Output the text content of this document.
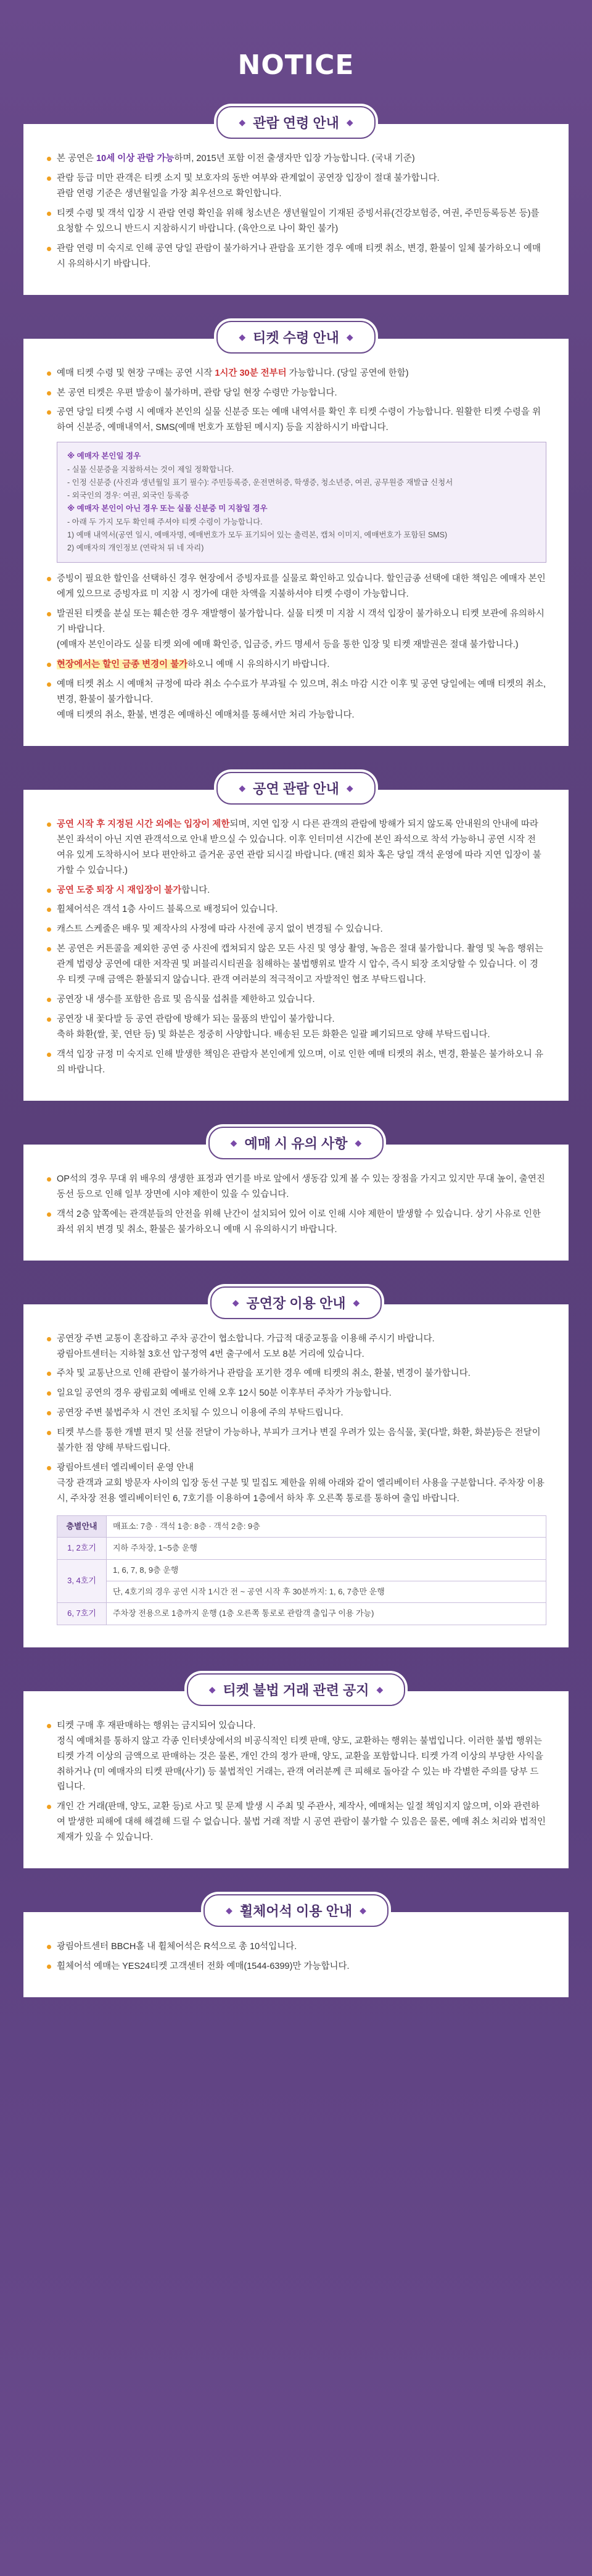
NOTICE
◆ 관람 연령 안내 ◆
본 공연은 10세 이상 관람 가능하며, 2015년 포함 이전 출생자만 입장 가능합니다. (국내 기준)
관람 등급 미만 관객은 티켓 소지 및 보호자의 동반 여부와 관계없이 공연장 입장이 절대 불가합니다.
관람 연령 기준은 생년월일을 가장 최우선으로 확인합니다.
티켓 수령 및 객석 입장 시 관람 연령 확인을 위해 청소년은 생년월일이 기재된 증빙서류(건강보험증, 여권, 주민등록등본 등)를 요청할 수 있으니 반드시 지참하시기 바랍니다. (육안으로 나이 확인 불가)
관람 연령 미 숙지로 인해 공연 당일 관람이 불가하거나 관람을 포기한 경우 예매 티켓 취소, 변경, 환불이 일체 불가하오니 예매 시 유의하시기 바랍니다.
◆ 티켓 수령 안내 ◆
예매 티켓 수령 및 현장 구매는 공연 시작 1시간 30분 전부터 가능합니다. (당일 공연에 한함)
본 공연 티켓은 우편 발송이 불가하며, 관람 당일 현장 수령만 가능합니다.
공연 당일 티켓 수령 시 예매자 본인의 실물 신분증 또는 예매 내역서를 확인 후 티켓 수령이 가능합니다. 원활한 티켓 수령을 위하여 신분증, 예매내역서, SMS(예매 번호가 포함된 메시지) 등을 지참하시기 바랍니다.
※ 예매자 본인일 경우
- 실물 신분증을 지참하셔는 것이 제일 정확합니다.
- 인정 신분증 (사진과 생년월일 표기 필수): 주민등록증, 운전면허증, 학생증, 청소년증, 여권, 공무원증 재발급 신청서
- 외국인의 경우: 여권, 외국인 등록증
※ 예매자 본인이 아닌 경우 또는 실물 신분증 미 지참일 경우
- 아래 두 가지 모두 확인해 주셔야 티켓 수령이 가능합니다.
1) 예매 내역서(공연 일시, 예매자명, 예매번호가 모두 표기되어 있는 출력본, 캡처 이미지, 예매번호가 포함된 SMS)
2) 예매자의 개인정보 (연락처 뒤 네 자리)
증빙이 필요한 할인을 선택하신 경우 현장에서 증빙자료를 실물로 확인하고 있습니다. 할인금종 선택에 대한 책임은 예매자 본인에게 있으므로 증빙자료 미 지참 시 정가에 대한 차액을 지불하셔야 티켓 수령이 가능합니다.
발권된 티켓을 분실 또는 훼손한 경우 재발행이 불가합니다. 실물 티켓 미 지참 시 객석 입장이 불가하오니 티켓 보관에 유의하시기 바랍니다.
(예매자 본인이라도 실물 티켓 외에 예매 확인증, 입금증, 카드 명세서 등을 통한 입장 및 티켓 재발권은 절대 불가합니다.)
현장에서는 할인 금종 변경이 불가하오니 예매 시 유의하시기 바랍니다.
예매 티켓 취소 시 예매처 규정에 따라 취소 수수료가 부과될 수 있으며, 취소 마감 시간 이후 및 공연 당일에는 예매 티켓의 취소, 변경, 환불이 불가합니다.
예매 티켓의 취소, 환불, 변경은 예매하신 예매처를 통해서만 처리 가능합니다.
◆ 공연 관람 안내 ◆
공연 시작 후 지정된 시간 외에는 입장이 제한되며, 지연 입장 시 다른 관객의 관람에 방해가 되지 않도록 안내원의 안내에 따라 본인 좌석이 아닌 지연 관객석으로 안내 받으실 수 있습니다. 이후 인터미션 시간에 본인 좌석으로 착석 가능하니 공연 시작 전 여유 있게 도착하시어 보다 편안하고 즐거운 공연 관람 되시길 바랍니다. (매진 회차 혹은 당일 객석 운영에 따라 지연 입장이 불가할 수 있습니다.)
공연 도중 퇴장 시 재입장이 불가합니다.
휠체어석은 객석 1층 사이드 블록으로 배정되어 있습니다.
캐스트 스케줄은 배우 및 제작사의 사정에 따라 사전에 공지 없이 변경될 수 있습니다.
본 공연은 커튼콜을 제외한 공연 중 사진에 캡쳐되지 않은 모든 사진 및 영상 촬영, 녹음은 절대 불가합니다. 촬영 및 녹음 행위는 관계 법령상 공연에 대한 저작권 및 퍼블리시티권을 침해하는 불법행위로 발각 시 압수, 즉시 퇴장 조치당할 수 있습니다. 이 경우 티켓 구매 금액은 환불되지 않습니다. 관객 여러분의 적극적이고 자발적인 협조 부탁드립니다.
공연장 내 생수를 포함한 음료 및 음식물 섭취를 제한하고 있습니다.
공연장 내 꽃다발 등 공연 관람에 방해가 되는 물품의 반입이 불가합니다.
축하 화환(쌀, 꽃, 연탄 등) 및 화분은 정중히 사양합니다. 배송된 모든 화환은 일괄 폐기되므로 양해 부탁드립니다.
객석 입장 규정 미 숙지로 인해 발생한 책임은 관람자 본인에게 있으며, 이로 인한 예매 티켓의 취소, 변경, 환불은 불가하오니 유의 바랍니다.
◆ 예매 시 유의 사항 ◆
OP석의 경우 무대 위 배우의 생생한 표정과 연기를 바로 앞에서 생동감 있게 볼 수 있는 장점을 가지고 있지만 무대 높이, 출연진 동선 등으로 인해 일부 장면에 시야 제한이 있을 수 있습니다.
객석 2층 앞쪽에는 관객분들의 안전을 위해 난간이 설치되어 있어 이로 인해 시야 제한이 발생할 수 있습니다. 상기 사유로 인한 좌석 위치 변경 및 취소, 환불은 불가하오니 예매 시 유의하시기 바랍니다.
◆ 공연장 이용 안내 ◆
공연장 주변 교통이 혼잡하고 주차 공간이 협소합니다. 가급적 대중교통을 이용해 주시기 바랍니다.
광림아트센터는 지하철 3호선 압구정역 4번 출구에서 도보 8분 거리에 있습니다.
주차 및 교통난으로 인해 관람이 불가하거나 관람을 포기한 경우 예매 티켓의 취소, 환불, 변경이 불가합니다.
일요일 공연의 경우 광림교회 예배로 인해 오후 12시 50분 이후부터 주차가 가능합니다.
공연장 주변 불법주차 시 견인 조치될 수 있으니 이용에 주의 부탁드립니다.
티켓 부스를 통한 개별 편지 및 선물 전달이 가능하나, 부피가 크거나 변질 우려가 있는 음식물, 꽃(다발, 화환, 화분)등은 전달이 불가한 점 양해 부탁드립니다.
광림아트센터 엘리베이터 운영 안내
극장 관객과 교회 방문자 사이의 입장 동선 구분 및 밀집도 제한을 위해 아래와 같이 엘리베이터 사용을 구분합니다. 주차장 이용 시, 주차장 전용 엘리베이터인 6, 7호기를 이용하여 1층에서 하차 후 오른쪽 통로를 통하여 출입 바랍니다.
층별안내	매표소: 7층 · 객석 1층: 8층 · 객석 2층: 9층
1, 2호기	지하 주차장, 1~5층 운행
3, 4호기	1, 6, 7, 8, 9층 운행
	단, 4호기의 경우 공연 시작 1시간 전 ~ 공연 시작 후 30분까지: 1, 6, 7층만 운행
6, 7호기	주차장 전용으로 1층까지 운행 (1층 오른쪽 통로로 관람객 출입구 이용 가능)
◆ 티켓 불법 거래 관련 공지 ◆
티켓 구매 후 재판매하는 행위는 금지되어 있습니다.
정식 예매처를 통하지 않고 각종 인터넷상에서의 비공식적인 티켓 판매, 양도, 교환하는 행위는 불법입니다. 이러한 불법 행위는 티켓 가격 이상의 금액으로 판매하는 것은 물론, 개인 간의 정가 판매, 양도, 교환을 포함합니다. 티켓 가격 이상의 부당한 사익을 취하거나 (미 예매자의 티켓 판매(사기) 등 불법적인 거래는, 관객 여러분께 큰 피해로 돌아갈 수 있는 바 각별한 주의를 당부 드립니다.
개인 간 거래(판매, 양도, 교환 등)로 사고 및 문제 발생 시 주최 및 주관사, 제작사, 예매처는 일절 책임지지 않으며, 이와 관련하여 발생한 피해에 대해 해결해 드릴 수 없습니다. 불법 거래 적발 시 공연 관람이 불가할 수 있음은 물론, 예매 취소 처리와 법적인 제재가 있을 수 있습니다.
◆ 휠체어석 이용 안내 ◆
광림아트센터 BBCH홀 내 휠체어석은 R석으로 총 10석입니다.
휠체어석 예매는 YES24티켓 고객센터 전화 예매(1544-6399)만 가능합니다.
